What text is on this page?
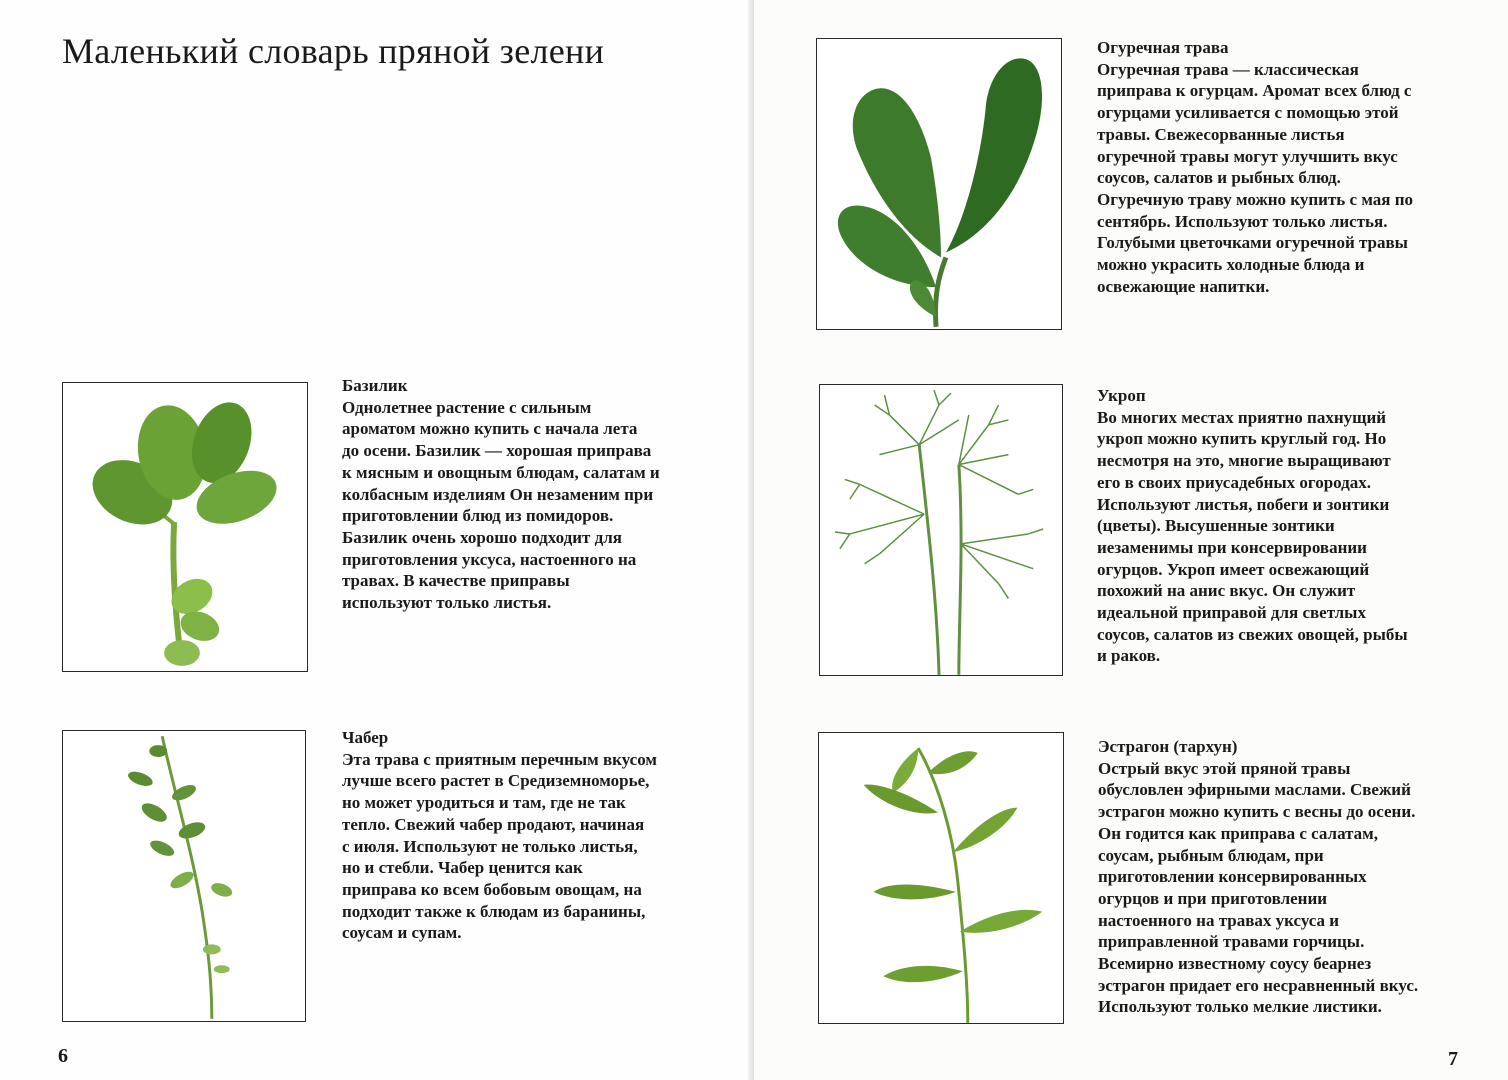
Маленький словарь пряной зелени
Базилик

Однолетнее растение с сильным
ароматом можно купить с начала лета
до осени. Базилик — хорошая приправа
к мясным и овощным блюдам, салатам и
колбасным изделиям Он незаменим при
приготовлении блюд из помидоров.
Базилик очень хорошо подходит для
приготовления уксуса, настоенного на
травах. В качестве приправы
используют только листья.

Чабер

Эта трава с приятным перечным вкусом
лучше всего растет в Средиземноморье,
но может уродиться и там, где не так
тепло. Свежий чабер продают, начиная
с июля. Используют не только листья,
но и стебли. Чабер ценится как
приправа ко всем бобовым овощам, на
подходит также к блюдам из баранины,
соусам и супам.

6
Огуречная трава

Огуречная трава — классическая
приправа к огурцам. Аромат всех блюд с
огурцами усиливается с помощью этой
травы. Свежесорванные листья
огуречной травы могут улучшить вкус
соусов, салатов и рыбных блюд.
Огуречную траву можно купить с мая по
сентябрь. Используют только листья.
Голубыми цветочками огуречной травы
можно украсить холодные блюда и
освежающие напитки.

Укроп

Во многих местах приятно пахнущий
укроп можно купить круглый год. Но
несмотря на это, многие выращивают
его в своих приусадебных огородах.
Используют листья, побеги и зонтики
(цветы). Высушенные зонтики
иезаменимы при консервировании
огурцов. Укроп имеет освежающий
похожий на анис вкус. Он служит
идеальной приправой для светлых
соусов, салатов из свежих овощей, рыбы
и раков.

Эстрагон (тархун)

Острый вкус этой пряной травы
обусловлен эфирными маслами. Свежий
эстрагон можно купить с весны до осени.
Он годится как приправа с салатам,
соусам, рыбным блюдам, при
приготовлении консервированных
огурцов и при приготовлении
настоенного на травах уксуса и
приправленной травами горчицы.
Всемирно известному соусу беарнез
эстрагон придает его несравненный вкус.
Используют только мелкие листики.

7
